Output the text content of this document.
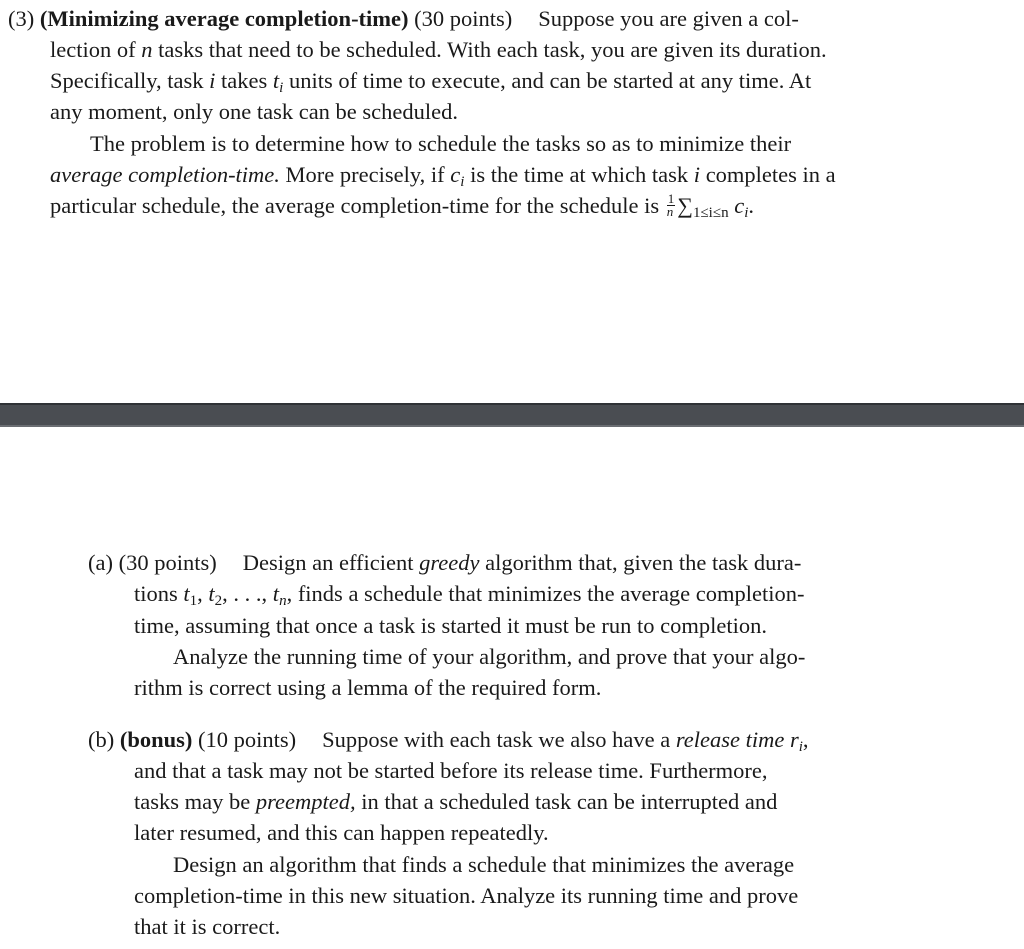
(3) (Minimizing average completion-time) (30 points) Suppose you are given a col-

lection of n tasks that need to be scheduled. With each task, you are given its duration.

Specifically, task i takes $t_i$ units of time to execute, and can be started at any time. At

any moment, only one task can be scheduled.

The problem is to determine how to schedule the tasks so as to minimize their

average completion-time. More precisely, if $c_i$ is the time at which task i completes in a

particular schedule, the average completion-time for the schedule is $\frac{1}{n} \sum_{1\le i\le n}$ $c_i$.

(a) (30 points) Design an efficient greedy algorithm that, given the task dura-

tions $t_1$, $t_2$, . . ., $t_n$, finds a schedule that minimizes the average completion-

time, assuming that once a task is started it must be run to completion.

Analyze the running time of your algorithm, and prove that your algo-

rithm is correct using a lemma of the required form.

(b) (bonus) (10 points) Suppose with each task we also have a release time $r_i$,

and that a task may not be started before its release time. Furthermore,

tasks may be preempted, in that a scheduled task can be interrupted and

later resumed, and this can happen repeatedly.

Design an algorithm that finds a schedule that minimizes the average

completion-time in this new situation. Analyze its running time and prove

that it is correct.
